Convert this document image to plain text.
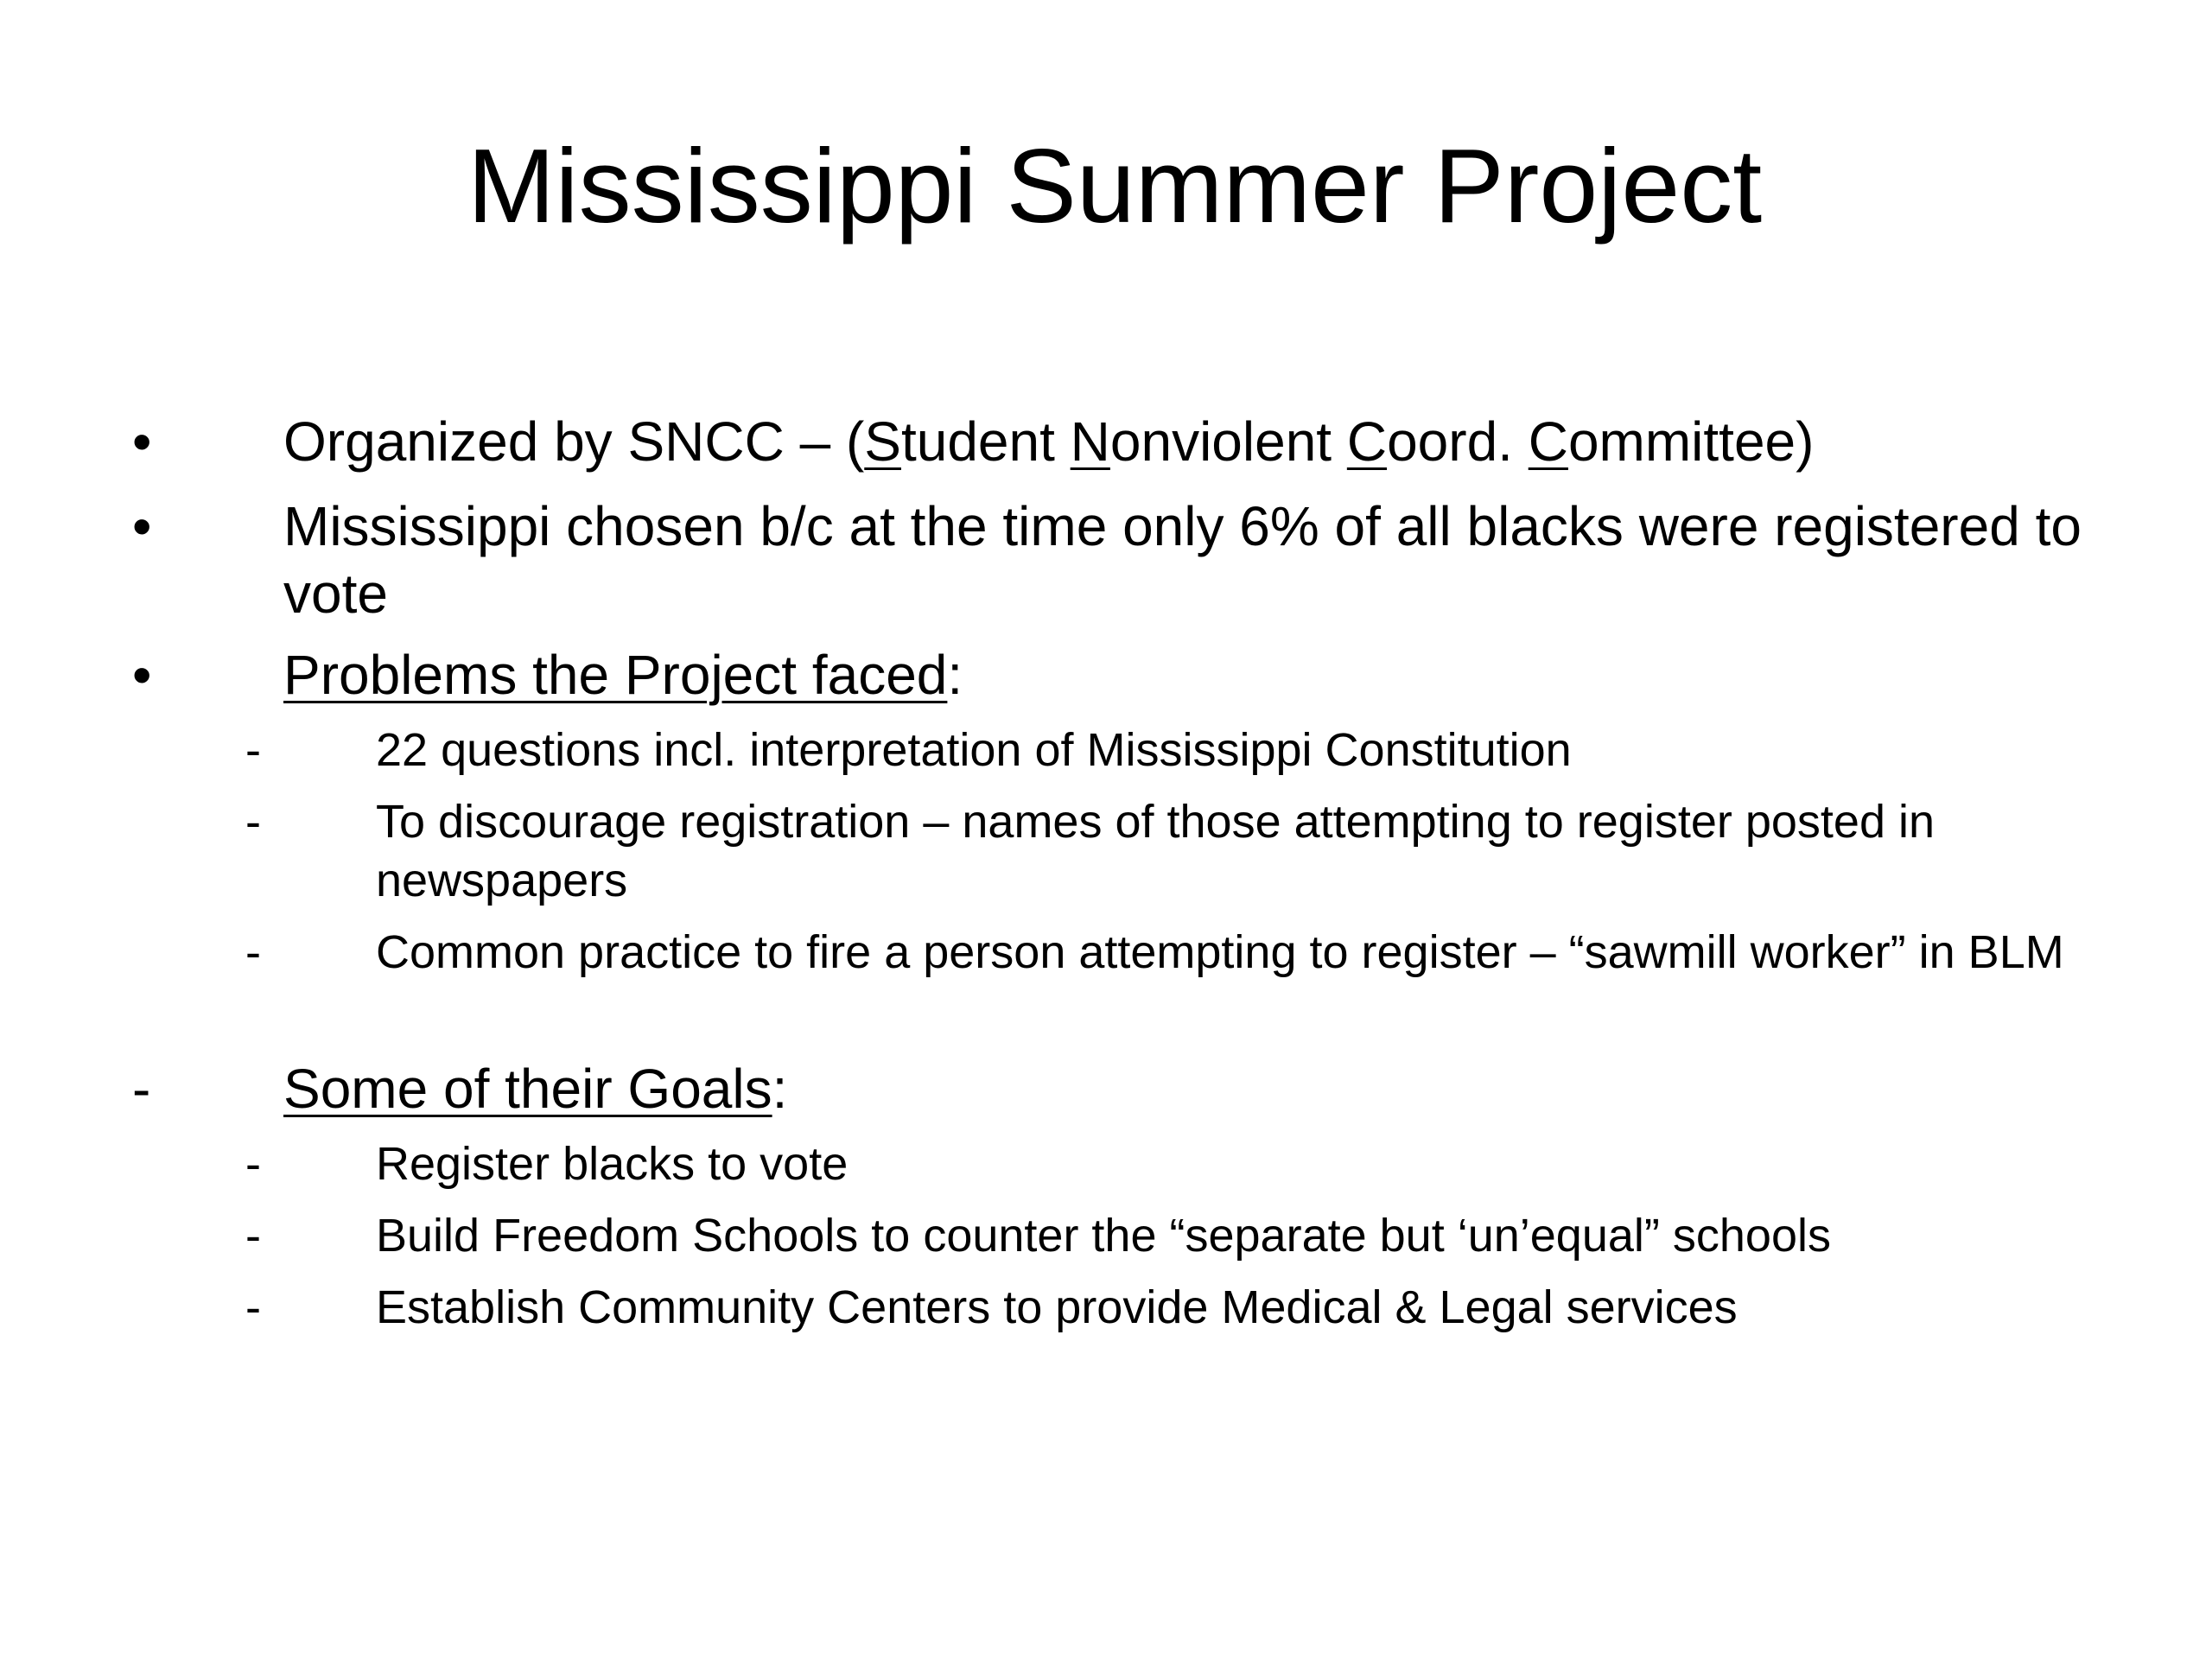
Mississippi Summer Project
• Organized by SNCC – (Student Nonviolent Coord. Committee)
• Mississippi chosen b/c at the time only 6% of all blacks were registered to vote
• Problems the Project faced:
- 22 questions incl. interpretation of Mississippi Constitution
- To discourage registration – names of those attempting to register posted in newspapers
- Common practice to fire a person attempting to register – “sawmill worker” in BLM
- Some of their Goals:
- Register blacks to vote
- Build Freedom Schools to counter the “separate but ‘un’equal” schools
- Establish Community Centers to provide Medical & Legal services
